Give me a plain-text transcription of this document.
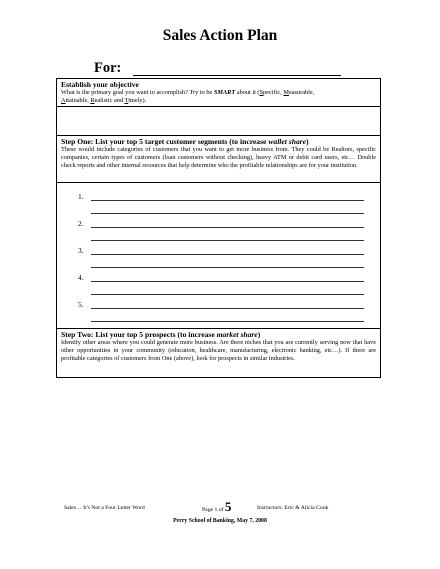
Sales Action Plan
For:
Establish your objective
What is the primary goal you want to accomplish? Try to be SMART about it (Specific, Measurable,
Attainable, Realistic and Timely).
Step One: List your top 5 target customer segments (to increase wallet share)
These would include categories of customers that you want to get more business from. They could be Realtors, specific companies, certain types of customers (loan customers without checking), heavy ATM or debit card users, etc… Double check reports and other internal resources that help determine who the profitable relationships are for your institution.
1.
2.
3.
4.
5.
Step Two: List your top 5 prospects (to increase market share)
Identify other areas where you could generate more business. Are there niches that you are currently serving now that have other opportunities in your community (education, healthcare, manufacturing, electronic banking, etc…). If there are profitable categories of customers from One (above), look for prospects in similar industries.
Sales… It's Not a Four Letter Word	Page 1 of 5	Instructors: Eric & Alicia Cook
Perry School of Banking, May 7, 2008
